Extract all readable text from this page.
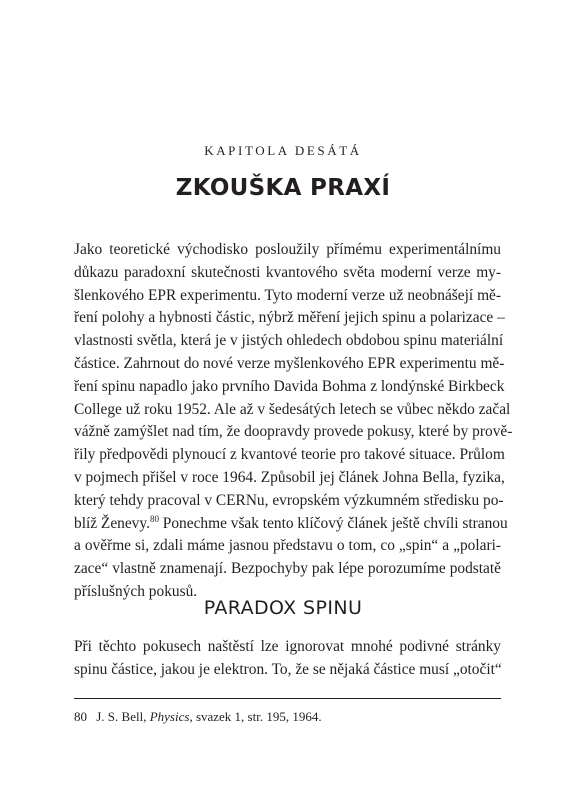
KAPITOLA DESÁTÁ
ZKOUŠKA PRAXÍ
Jako teoretické východisko posloužily přímému experimentálnímu
důkazu paradoxní skutečnosti kvantového světa moderní verze my-
šlenkového EPR experimentu. Tyto moderní verze už neobnášejí mě-
ření polohy a hybnosti částic, nýbrž měření jejich spinu a polarizace –
vlastnosti světla, která je v jistých ohledech obdobou spinu materiální
částice. Zahrnout do nové verze myšlenkového EPR experimentu mě-
ření spinu napadlo jako prvního Davida Bohma z londýnské Birkbeck
College už roku 1952. Ale až v šedesátých letech se vůbec někdo začal
vážně zamýšlet nad tím, že doopravdy provede pokusy, které by prově-
řily předpovědi plynoucí z kvantové teorie pro takové situace. Průlom
v pojmech přišel v roce 1964. Způsobil jej článek Johna Bella, fyzika,
který tehdy pracoval v CERNu, evropském výzkumném středisku po-
blíž Ženevy.$^{80}$ Ponechme však tento klíčový článek ještě chvíli stranou
a ověřme si, zdali máme jasnou představu o tom, co „spin“ a „polari-
zace“ vlastně znamenají. Bezpochyby pak lépe porozumíme podstatě
příslušných pokusů.
PARADOX SPINU
Při těchto pokusech naštěstí lze ignorovat mnohé podivné stránky
spinu částice, jakou je elektron. To, že se nějaká částice musí „otočit“
80 J. S. Bell, Physics, svazek 1, str. 195, 1964.
